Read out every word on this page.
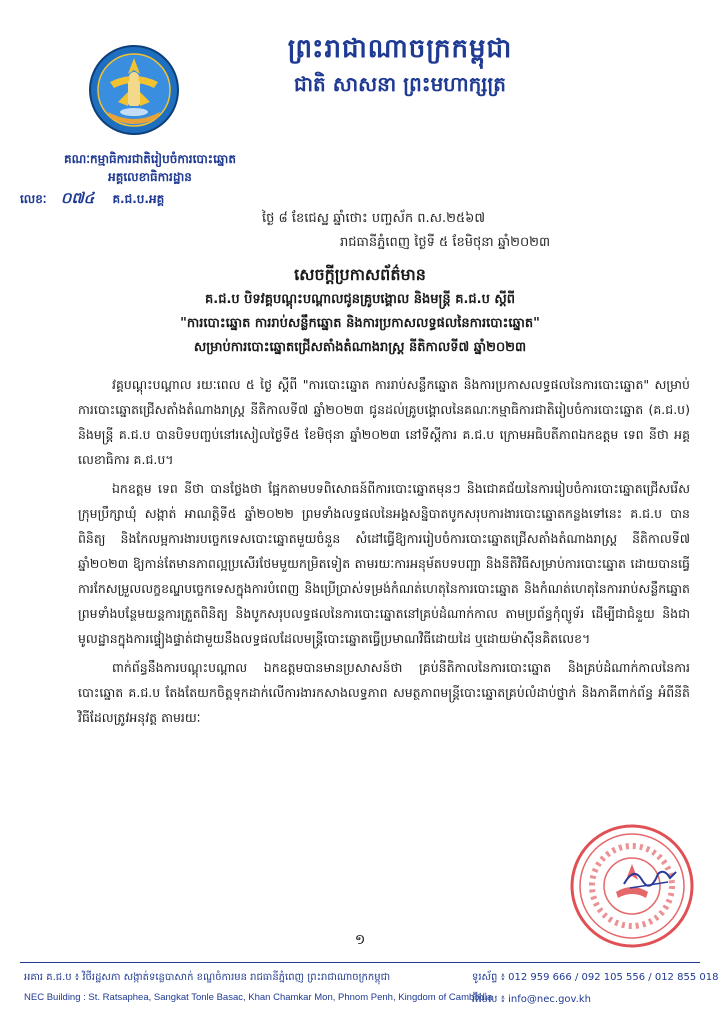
ព្រះរាជាណាចក្រកម្ពុជា
ជាតិ សាសនា ព្រះមហាក្សត្រ
គណៈកម្មាធិការជាតិរៀបចំការបោះឆ្នោត
អគ្គលេខាធិការដ្ឋាន
លេខៈ ០៧៤ គ.ជ.ប.អគ្គ
ថ្ងៃ ៨ ខែជេស្ឋ ឆ្នាំថោះ បញ្ចស័ក ព.ស.២៥៦៧
រាជធានីភ្នំពេញ ថ្ងៃទី ៥ ខែមិថុនា ឆ្នាំ២០២៣
សេចក្តីប្រកាសព័ត៌មាន
គ.ជ.ប បិទវគ្គបណ្តុះបណ្តាលជូនគ្រូបង្គោល និងមន្ត្រី គ.ជ.ប ស្តីពី
"ការបោះឆ្នោត ការរាប់សន្លឹកឆ្នោត និងការប្រកាសលទ្ធផលនៃការបោះឆ្នោត"
សម្រាប់ការបោះឆ្នោតជ្រើសតាំងតំណាងរាស្ត្រ នីតិកាលទី៧ ឆ្នាំ២០២៣

វគ្គបណ្តុះបណ្តាល រយៈពេល ៥ ថ្ងៃ ស្តីពី "ការបោះឆ្នោត ការរាប់សន្លឹកឆ្នោត និងការប្រកាសលទ្ធផលនៃការបោះឆ្នោត" សម្រាប់ការបោះឆ្នោតជ្រើសតាំងតំណាងរាស្ត្រ នីតិកាលទី៧ ឆ្នាំ២០២៣ ជូនដល់គ្រូបង្គោលនៃគណៈកម្មាធិការជាតិរៀបចំការបោះឆ្នោត (គ.ជ.ប) និងមន្ត្រី គ.ជ.ប បានបិទបញ្ចប់នៅរសៀលថ្ងៃទី៥ ខែមិថុនា ឆ្នាំ២០២៣ នៅទីស្តីការ គ.ជ.ប ក្រោមអធិបតីភាពឯកឧត្តម ទេព នីថា អគ្គលេខាធិការ គ.ជ.ប។

ឯកឧត្តម ទេព នីថា បានថ្លែងថា ផ្អែកតាមបទពិសោធន៍ពីការបោះឆ្នោតមុនៗ និងជោគជ័យនៃការរៀបចំការបោះឆ្នោតជ្រើសរើសក្រុមប្រឹក្សាឃុំ សង្កាត់ អាណត្តិទី៥ ឆ្នាំ២០២២ ព្រមទាំងលទ្ធផលនៃអង្គសន្និបាតបូកសរុបការងារបោះឆ្នោតកន្លងទៅនេះ គ.ជ.ប បានពិនិត្យ និងកែលម្អការងារបច្ចេកទេសបោះឆ្នោតមួយចំនួន សំដៅធ្វើឱ្យការរៀបចំការបោះឆ្នោតជ្រើសតាំងតំណាងរាស្ត្រ នីតិកាលទី៧ ឆ្នាំ២០២៣ ឱ្យកាន់តែមានភាពល្អប្រសើរថែមមួយកម្រិតទៀត តាមរយៈការអនុម័តបទបញ្ជា និងនីតិវិធីសម្រាប់ការបោះឆ្នោត ដោយបានធ្វើការកែសម្រួលលក្ខខណ្ឌបច្ចេកទេសក្នុងការបំពេញ និងប្រើប្រាស់ទម្រង់កំណត់ហេតុនៃការបោះឆ្នោត និងកំណត់ហេតុនៃការរាប់សន្លឹកឆ្នោត ព្រមទាំងបន្ថែមយន្តការត្រួតពិនិត្យ និងបូកសរុបលទ្ធផលនៃការបោះឆ្នោតនៅគ្រប់ដំណាក់កាល តាមប្រព័ន្ធកុំព្យូទ័រ ដើម្បីជាជំនួយ និងជាមូលដ្ឋានក្នុងការផ្ទៀងផ្ទាត់ជាមួយនឹងលទ្ធផលដែលមន្ត្រីបោះឆ្នោតធ្វើប្រមាណវិធីដោយដៃ ឬដោយម៉ាស៊ីនគិតលេខ។

ពាក់ព័ន្ធនឹងការបណ្តុះបណ្តាល ឯកឧត្តមបានមានប្រសាសន៍ថា គ្រប់នីតិកាលនៃការបោះឆ្នោត និងគ្រប់ដំណាក់កាលនៃការបោះឆ្នោត គ.ជ.ប តែងតែយកចិត្តទុកដាក់លើការងារកសាងលទ្ធភាព សមត្ថភាពមន្ត្រីបោះឆ្នោតគ្រប់លំដាប់ថ្នាក់ និងភាគីពាក់ព័ន្ធ អំពីនីតិវិធីដែលត្រូវអនុវត្ត តាមរយៈ

១
អគារ គ.ជ.ប ៖ វិថីរដ្ឋសភា សង្កាត់ទន្លេបាសាក់ ខណ្ឌចំការមន រាជធានីភ្នំពេញ ព្រះរាជាណាចក្រកម្ពុជា
NEC Building : St. Ratsaphea, Sangkat Tonle Basac, Khan Chamkar Mon, Phnom Penh, Kingdom of Cambodia
ទូរស័ព្ទ ៖ 012 959 666 / 092 105 556 / 012 855 018
អ៊ីម៉ែល ៖ info@nec.gov.kh
